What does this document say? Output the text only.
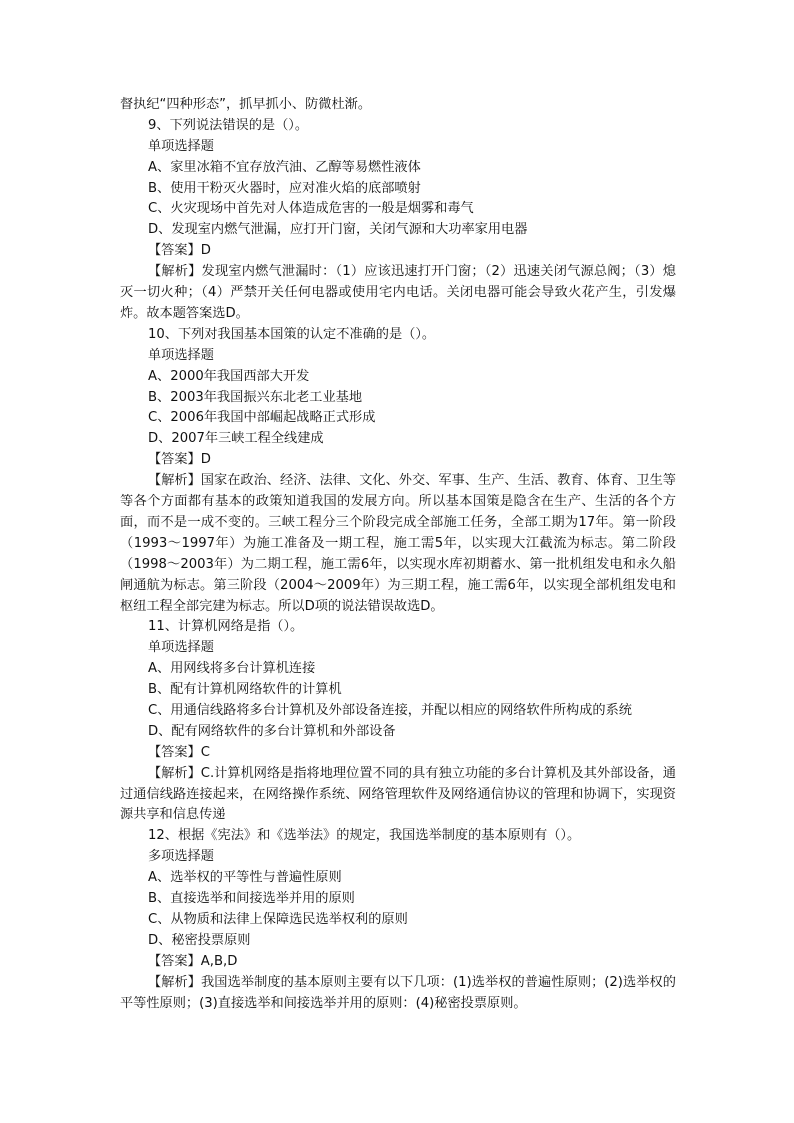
督执纪“四种形态”，抓早抓小、防微杜渐。

9、下列说法错误的是（）。

单项选择题

A、家里冰箱不宜存放汽油、乙醇等易燃性液体

B、使用干粉灭火器时，应对准火焰的底部喷射

C、火灾现场中首先对人体造成危害的一般是烟雾和毒气

D、发现室内燃气泄漏，应打开门窗，关闭气源和大功率家用电器

【答案】D

【解析】发现室内燃气泄漏时：（1）应该迅速打开门窗；（2）迅速关闭气源总阀；（3）熄灭一切火种；（4）严禁开关任何电器或使用宅内电话。关闭电器可能会导致火花产生，引发爆炸。故本题答案选D。

10、下列对我国基本国策的认定不准确的是（）。

单项选择题

A、2000年我国西部大开发

B、2003年我国振兴东北老工业基地

C、2006年我国中部崛起战略正式形成

D、2007年三峡工程全线建成

【答案】D

【解析】国家在政治、经济、法律、文化、外交、军事、生产、生活、教育、体育、卫生等等各个方面都有基本的政策知道我国的发展方向。所以基本国策是隐含在生产、生活的各个方面，而不是一成不变的。三峡工程分三个阶段完成全部施工任务，全部工期为17年。第一阶段（1993～1997年）为施工准备及一期工程，施工需5年，以实现大江截流为标志。第二阶段（1998～2003年）为二期工程，施工需6年，以实现水库初期蓄水、第一批机组发电和永久船闸通航为标志。第三阶段（2004～2009年）为三期工程，施工需6年，以实现全部机组发电和枢纽工程全部完建为标志。所以D项的说法错误故选D。

11、计算机网络是指（）。

单项选择题

A、用网线将多台计算机连接

B、配有计算机网络软件的计算机

C、用通信线路将多台计算机及外部设备连接，并配以相应的网络软件所构成的系统

D、配有网络软件的多台计算机和外部设备

【答案】C

【解析】C.计算机网络是指将地理位置不同的具有独立功能的多台计算机及其外部设备，通过通信线路连接起来，在网络操作系统、网络管理软件及网络通信协议的管理和协调下，实现资源共享和信息传递

12、根据《宪法》和《选举法》的规定，我国选举制度的基本原则有（）。

多项选择题

A、选举权的平等性与普遍性原则

B、直接选举和间接选举并用的原则

C、从物质和法律上保障选民选举权利的原则

D、秘密投票原则

【答案】A,B,D

【解析】我国选举制度的基本原则主要有以下几项：(1)选举权的普遍性原则；(2)选举权的平等性原则；(3)直接选举和间接选举并用的原则：(4)秘密投票原则。
